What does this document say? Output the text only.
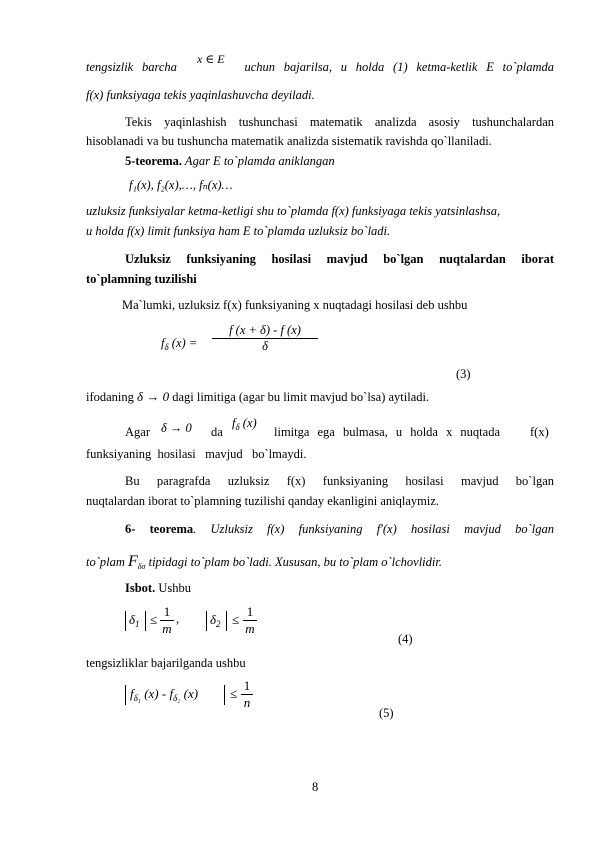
tengsizlik barcha	uchun bajarilsa, u holda (1) ketma-ketlik E to`plamda
x ∈ E
f(x) funksiyaga tekis yaqinlashuvcha deyiladi.
Tekis yaqinlashish tushunchasi matematik analizda asosiy tushunchalardan
hisoblanadi va bu tushuncha matematik analizda sistematik ravishda qo`llaniladi.
5-teorema. Agar E to`plamda aniklangan
f₁(x), f₂(x),…, fₙ(x)…
uzluksiz funksiyalar ketma-ketligi shu to`plamda f(x) funksiyaga tekis yatsinlashsa,
u holda f(x) limit funksiya ham E to`plamda uzluksiz bo`ladi.
Uzluksiz funksiyaning hosilasi mavjud bo`lgan nuqtalardan iborat
to`plamning tuzilishi
Ma`lumki, uzluksiz f(x) funksiyaning x nuqtadagi hosilasi deb ushbu
$f_\delta$ (x) =
f (x + δ) - f (x)
δ
(3)
ifodaning δ → 0 dagi limitiga (agar bu limit mavjud bo`lsa) aytiladi.
Agar δ → 0 da
$f_\delta$ (x)
limitga ega bulmasa, u holda x nuqtada f(x)
funksiyaning  hosilasi   mavjud   bo`lmaydi.
Bu paragrafda uzluksiz f(x) funksiyaning hosilasi mavjud bo`lgan
nuqtalardan iborat to`plamning tuzilishi qanday ekanligini aniqlaymiz.
6- teorema. Uzluksiz f(x) funksiyaning f′(x) hosilasi mavjud bo`lgan
to`plam $F_{\delta\sigma}$ tipidagi to`plam bo`ladi. Xususan, bu to`plam o`lchovlidir.
Isbot. Ushbu
$\delta_1$ ≤
1
m
, $\delta_2$ ≤
1
m
(4)
tengsizliklar bajarilganda ushbu
$f_{\delta_1}$ $(x) - f_{\delta_2}$ (x) ≤
1
n
(5)
8
